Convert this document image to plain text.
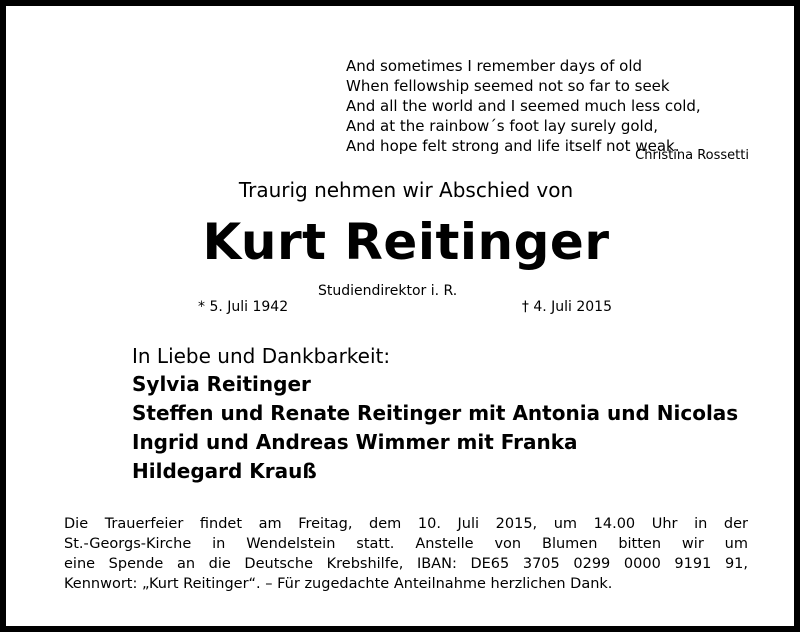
And sometimes I remember days of old
When fellowship seemed not so far to seek
And all the world and I seemed much less cold,
And at the rainbow´s foot lay surely gold,
And hope felt strong and life itself not weak.
Christina Rossetti
Traurig nehmen wir Abschied von
Kurt Reitinger
Studiendirektor i. R.
* 5. Juli 1942	† 4. Juli 2015
In Liebe und Dankbarkeit:
Sylvia Reitinger
Steffen und Renate Reitinger mit Antonia und Nicolas
Ingrid und Andreas Wimmer mit Franka
Hildegard Krauß
Die Trauerfeier findet am Freitag, dem 10. Juli 2015, um 14.00 Uhr in der
St.-Georgs-Kirche in Wendelstein statt. Anstelle von Blumen bitten wir um
eine Spende an die Deutsche Krebshilfe, IBAN: DE65 3705 0299 0000 9191 91,
Kennwort: „Kurt Reitinger“. – Für zugedachte Anteilnahme herzlichen Dank.
